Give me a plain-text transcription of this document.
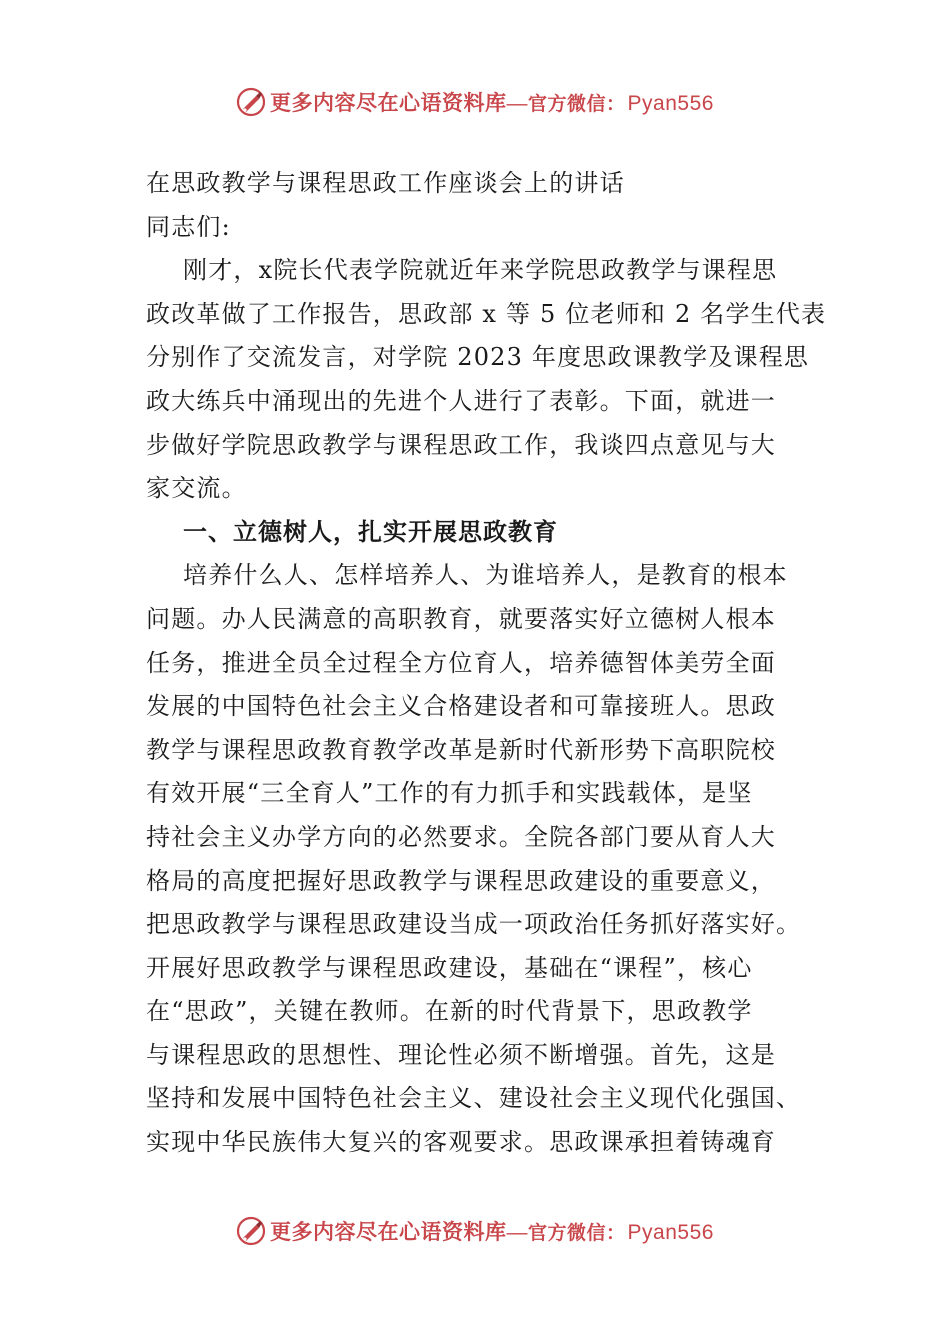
更多内容尽在心语资料库 — 官方微信： Pyan556
在思政教学与课程思政工作座谈会上的讲话
同志们:
刚才，x院长代表学院就近年来学院思政教学与课程思
政改革做了工作报告，思政部 x 等 5 位老师和 2 名学生代表
分别作了交流发言，对学院 2023 年度思政课教学及课程思
政大练兵中涌现出的先进个人进行了表彰。下面，就进一
步做好学院思政教学与课程思政工作，我谈四点意见与大
家交流。
一、立德树人，扎实开展思政教育
培养什么人、怎样培养人、为谁培养人，是教育的根本
问题。办人民满意的高职教育，就要落实好立德树人根本
任务，推进全员全过程全方位育人，培养德智体美劳全面
发展的中国特色社会主义合格建设者和可靠接班人。思政
教学与课程思政教育教学改革是新时代新形势下高职院校
有效开展“三全育人”工作的有力抓手和实践载体，是坚
持社会主义办学方向的必然要求。全院各部门要从育人大
格局的高度把握好思政教学与课程思政建设的重要意义，
把思政教学与课程思政建设当成一项政治任务抓好落实好。
开展好思政教学与课程思政建设，基础在“课程”，核心
在“思政”，关键在教师。在新的时代背景下，思政教学
与课程思政的思想性、理论性必须不断增强。首先，这是
坚持和发展中国特色社会主义、建设社会主义现代化强国、
实现中华民族伟大复兴的客观要求。思政课承担着铸魂育
更多内容尽在心语资料库 — 官方微信： Pyan556
